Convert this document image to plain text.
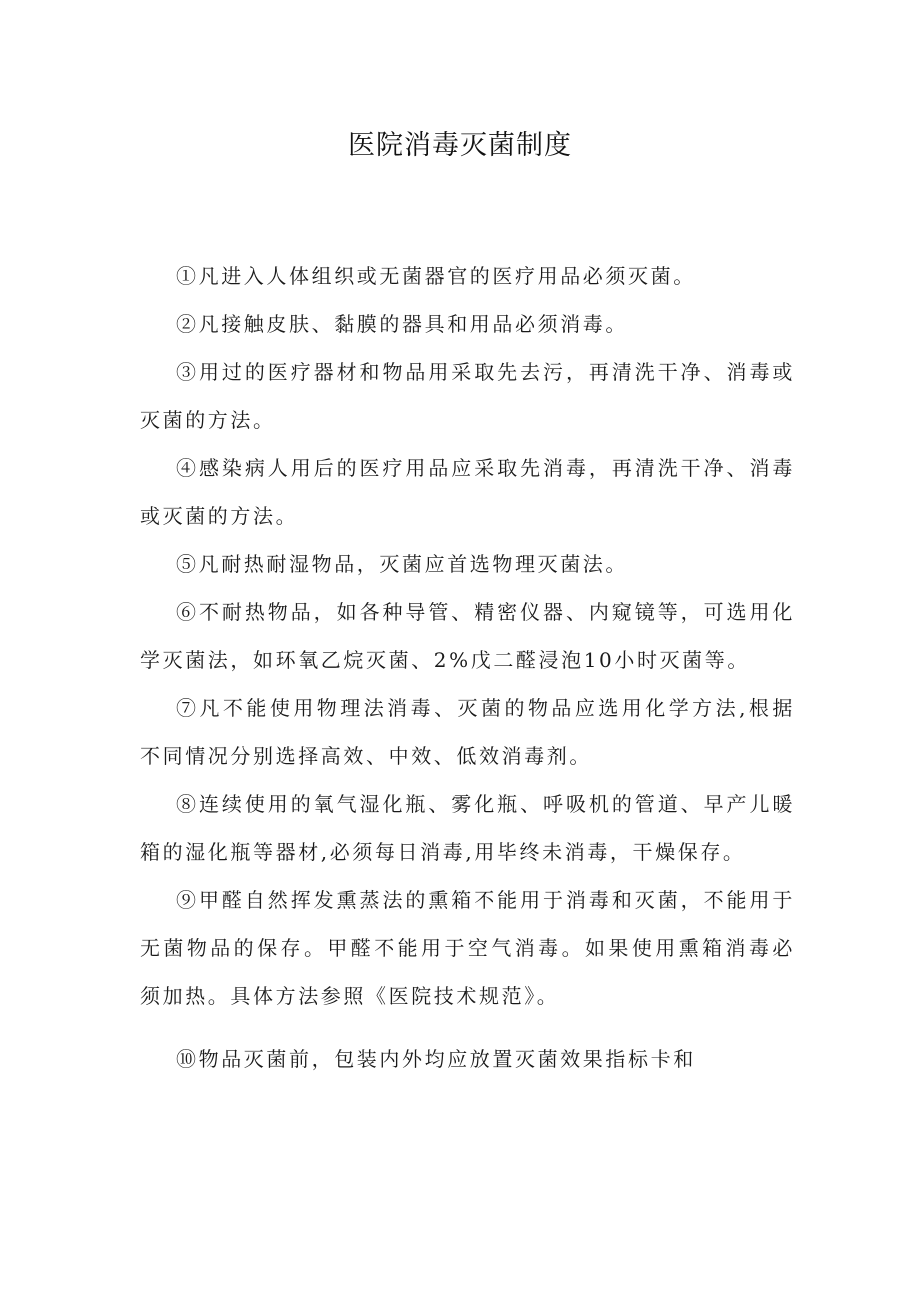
医院消毒灭菌制度

①凡进入人体组织或无菌器官的医疗用品必须灭菌。

②凡接触皮肤、黏膜的器具和用品必须消毒。

③用过的医疗器材和物品用采取先去污，再清洗干净、消毒或灭菌的方法。

④感染病人用后的医疗用品应采取先消毒，再清洗干净、消毒或灭菌的方法。

⑤凡耐热耐湿物品，灭菌应首选物理灭菌法。

⑥不耐热物品，如各种导管、精密仪器、内窥镜等，可选用化学灭菌法，如环氧乙烷灭菌、2%戊二醛浸泡10小时灭菌等。

⑦凡不能使用物理法消毒、灭菌的物品应选用化学方法,根据不同情况分别选择高效、中效、低效消毒剂。

⑧连续使用的氧气湿化瓶、雾化瓶、呼吸机的管道、早产儿暖箱的湿化瓶等器材,必须每日消毒,用毕终未消毒，干燥保存。

⑨甲醛自然挥发熏蒸法的熏箱不能用于消毒和灭菌，不能用于无菌物品的保存。甲醛不能用于空气消毒。如果使用熏箱消毒必须加热。具体方法参照《医院技术规范》。

⑩物品灭菌前，包装内外均应放置灭菌效果指标卡和
